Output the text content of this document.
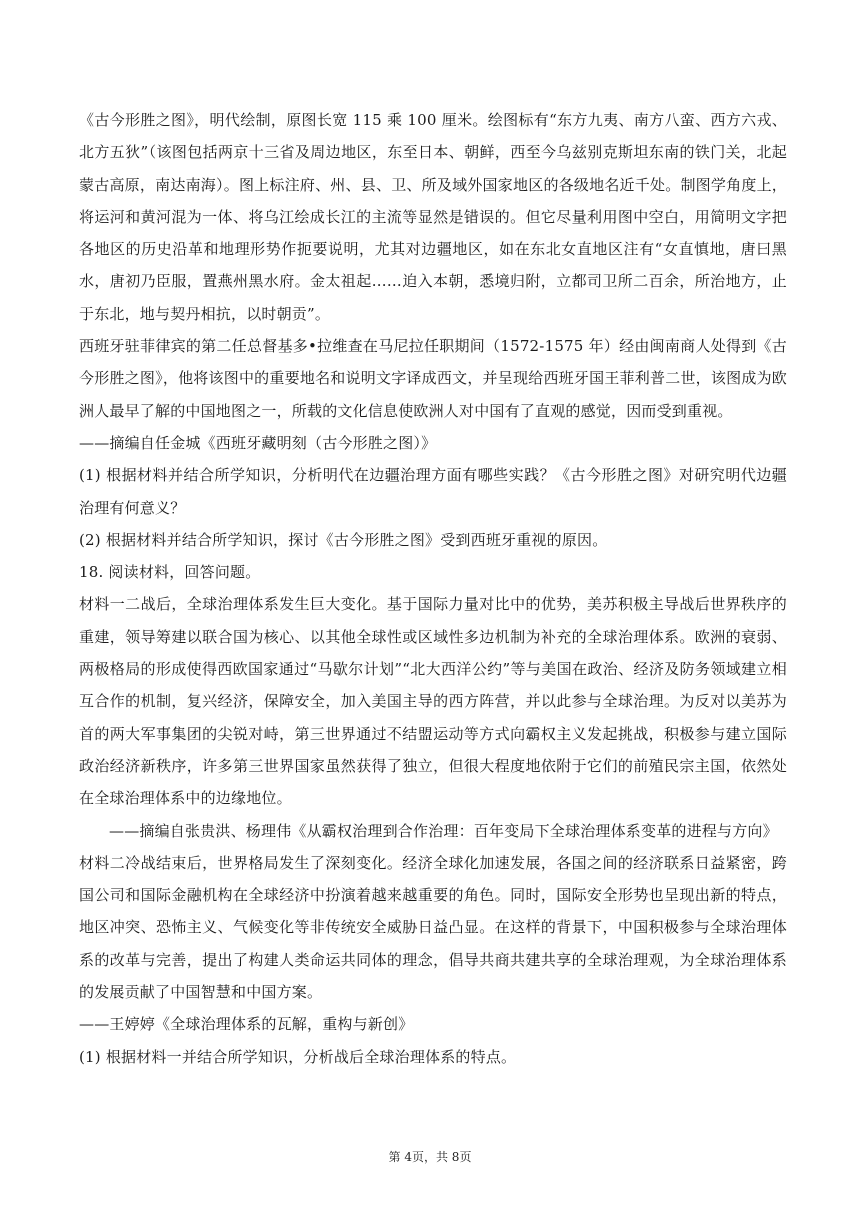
《古今形胜之图》，明代绘制，原图长宽 115 乘 100 厘米。绘图标有“东方九夷、南方八蛮、西方六戎、北方五狄”（该图包括两京十三省及周边地区，东至日本、朝鲜，西至今乌兹别克斯坦东南的铁门关，北起蒙古高原，南达南海）。图上标注府、州、县、卫、所及域外国家地区的各级地名近千处。制图学角度上，将运河和黄河混为一体、将乌江绘成长江的主流等显然是错误的。但它尽量利用图中空白，用简明文字把各地区的历史沿革和地理形势作扼要说明，尤其对边疆地区，如在东北女直地区注有“女直慎地，唐曰黑水，唐初乃臣服，置燕州黑水府。金太祖起……迫入本朝，悉境归附，立都司卫所二百余，所治地方，止于东北，地与契丹相抗，以时朝贡”。

西班牙驻菲律宾的第二任总督基多•拉维查在马尼拉任职期间（1572-1575 年）经由闽南商人处得到《古今形胜之图》，他将该图中的重要地名和说明文字译成西文，并呈现给西班牙国王菲利普二世，该图成为欧洲人最早了解的中国地图之一，所载的文化信息使欧洲人对中国有了直观的感觉，因而受到重视。

——摘编自任金城《西班牙藏明刻（古今形胜之图）》

(1) 根据材料并结合所学知识，分析明代在边疆治理方面有哪些实践？《古今形胜之图》对研究明代边疆治理有何意义？

(2) 根据材料并结合所学知识，探讨《古今形胜之图》受到西班牙重视的原因。

18. 阅读材料，回答问题。

材料一二战后，全球治理体系发生巨大变化。基于国际力量对比中的优势，美苏积极主导战后世界秩序的重建，领导筹建以联合国为核心、以其他全球性或区域性多边机制为补充的全球治理体系。欧洲的衰弱、两极格局的形成使得西欧国家通过“马歇尔计划”“北大西洋公约”等与美国在政治、经济及防务领域建立相互合作的机制，复兴经济，保障安全，加入美国主导的西方阵营，并以此参与全球治理。为反对以美苏为首的两大军事集团的尖锐对峙，第三世界通过不结盟运动等方式向霸权主义发起挑战，积极参与建立国际政治经济新秩序，许多第三世界国家虽然获得了独立，但很大程度地依附于它们的前殖民宗主国，依然处在全球治理体系中的边缘地位。

——摘编自张贵洪、杨理伟《从霸权治理到合作治理：百年变局下全球治理体系变革的进程与方向》

材料二冷战结束后，世界格局发生了深刻变化。经济全球化加速发展，各国之间的经济联系日益紧密，跨国公司和国际金融机构在全球经济中扮演着越来越重要的角色。同时，国际安全形势也呈现出新的特点，地区冲突、恐怖主义、气候变化等非传统安全威胁日益凸显。在这样的背景下，中国积极参与全球治理体系的改革与完善，提出了构建人类命运共同体的理念，倡导共商共建共享的全球治理观，为全球治理体系的发展贡献了中国智慧和中国方案。

——王婷婷《全球治理体系的瓦解，重构与新创》

(1) 根据材料一并结合所学知识，分析战后全球治理体系的特点。

第 4页，共 8页
